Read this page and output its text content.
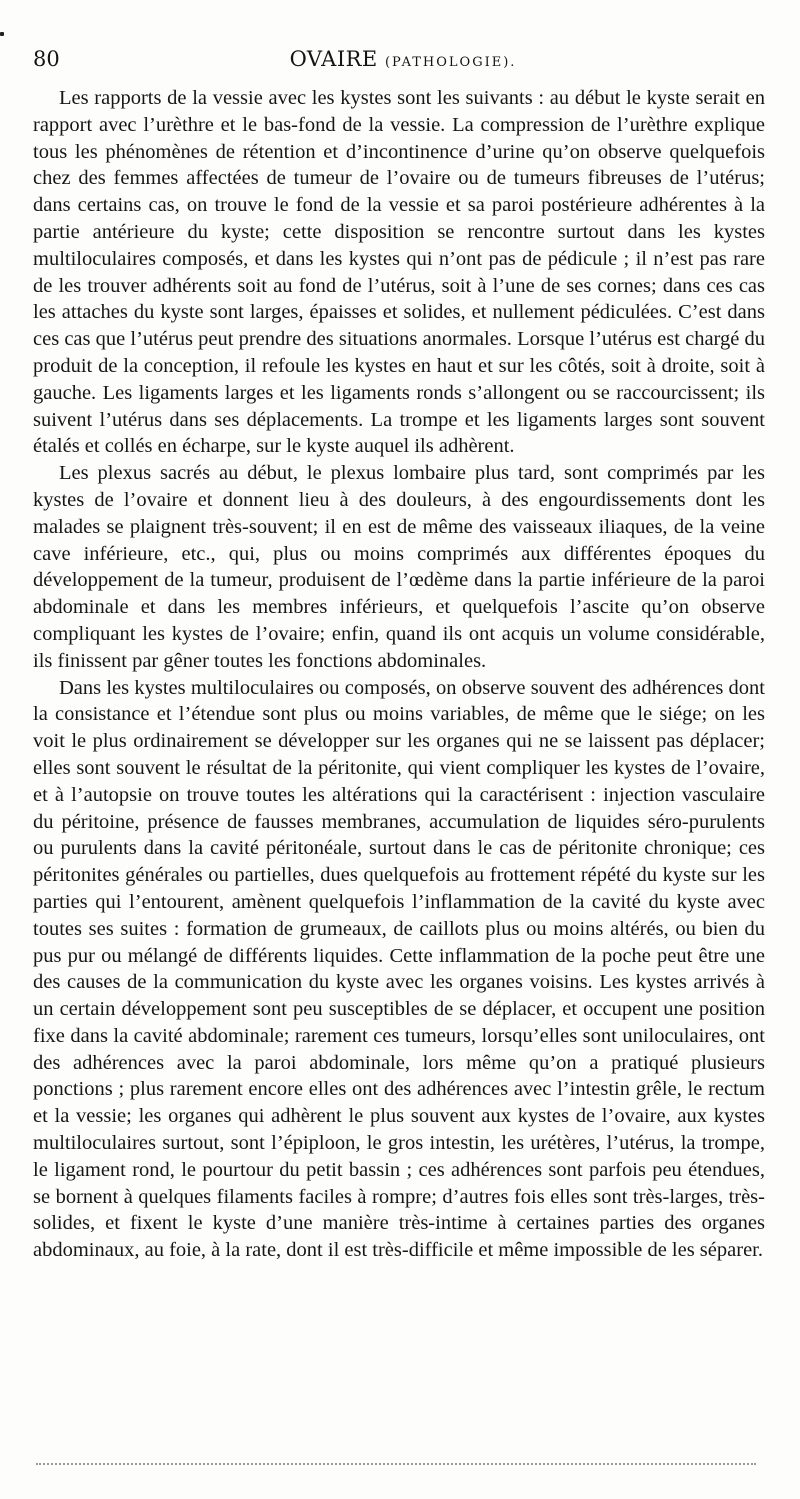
80	OVAIRE (PATHOLOGIE).

Les rapports de la vessie avec les kystes sont les suivants : au début le kyste serait en rapport avec l’urèthre et le bas-fond de la vessie. La compression de l’urèthre explique tous les phénomènes de rétention et d’incontinence d’urine qu’on observe quelquefois chez des femmes affectées de tumeur de l’ovaire ou de tumeurs fibreuses de l’utérus; dans certains cas, on trouve le fond de la vessie et sa paroi postérieure adhérentes à la partie antérieure du kyste; cette disposition se rencontre surtout dans les kystes multiloculaires composés, et dans les kystes qui n’ont pas de pédicule ; il n’est pas rare de les trouver adhérents soit au fond de l’utérus, soit à l’une de ses cornes; dans ces cas les attaches du kyste sont larges, épaisses et solides, et nullement pédiculées. C’est dans ces cas que l’utérus peut prendre des situations anormales. Lorsque l’utérus est chargé du produit de la conception, il refoule les kystes en haut et sur les côtés, soit à droite, soit à gauche. Les ligaments larges et les ligaments ronds s’allongent ou se raccourcissent; ils suivent l’utérus dans ses déplacements. La trompe et les ligaments larges sont souvent étalés et collés en écharpe, sur le kyste auquel ils adhèrent.

Les plexus sacrés au début, le plexus lombaire plus tard, sont comprimés par les kystes de l’ovaire et donnent lieu à des douleurs, à des engourdissements dont les malades se plaignent très-souvent; il en est de même des vaisseaux iliaques, de la veine cave inférieure, etc., qui, plus ou moins comprimés aux différentes époques du développement de la tumeur, produisent de l’œdème dans la partie inférieure de la paroi abdominale et dans les membres inférieurs, et quelquefois l’ascite qu’on observe compliquant les kystes de l’ovaire; enfin, quand ils ont acquis un volume considérable, ils finissent par gêner toutes les fonctions abdominales.

Dans les kystes multiloculaires ou composés, on observe souvent des adhérences dont la consistance et l’étendue sont plus ou moins variables, de même que le siége; on les voit le plus ordinairement se développer sur les organes qui ne se laissent pas déplacer; elles sont souvent le résultat de la péritonite, qui vient compliquer les kystes de l’ovaire, et à l’autopsie on trouve toutes les altérations qui la caractérisent : injection vasculaire du péritoine, présence de fausses membranes, accumulation de liquides séro-purulents ou purulents dans la cavité péritonéale, surtout dans le cas de péritonite chronique; ces péritonites générales ou partielles, dues quelquefois au frottement répété du kyste sur les parties qui l’entourent, amènent quelquefois l’inflammation de la cavité du kyste avec toutes ses suites : formation de grumeaux, de caillots plus ou moins altérés, ou bien du pus pur ou mélangé de différents liquides. Cette inflammation de la poche peut être une des causes de la communication du kyste avec les organes voisins. Les kystes arrivés à un certain développement sont peu susceptibles de se déplacer, et occupent une position fixe dans la cavité abdominale; rarement ces tumeurs, lorsqu’elles sont uniloculaires, ont des adhérences avec la paroi abdominale, lors même qu’on a pratiqué plusieurs ponctions ; plus rarement encore elles ont des adhérences avec l’intestin grêle, le rectum et la vessie; les organes qui adhèrent le plus souvent aux kystes de l’ovaire, aux kystes multiloculaires surtout, sont l’épiploon, le gros intestin, les urétères, l’utérus, la trompe, le ligament rond, le pourtour du petit bassin ; ces adhérences sont parfois peu étendues, se bornent à quelques filaments faciles à rompre; d’autres fois elles sont très-larges, très-solides, et fixent le kyste d’une manière très-intime à certaines parties des organes abdominaux, au foie, à la rate, dont il est très-difficile et même impossible de les séparer.
